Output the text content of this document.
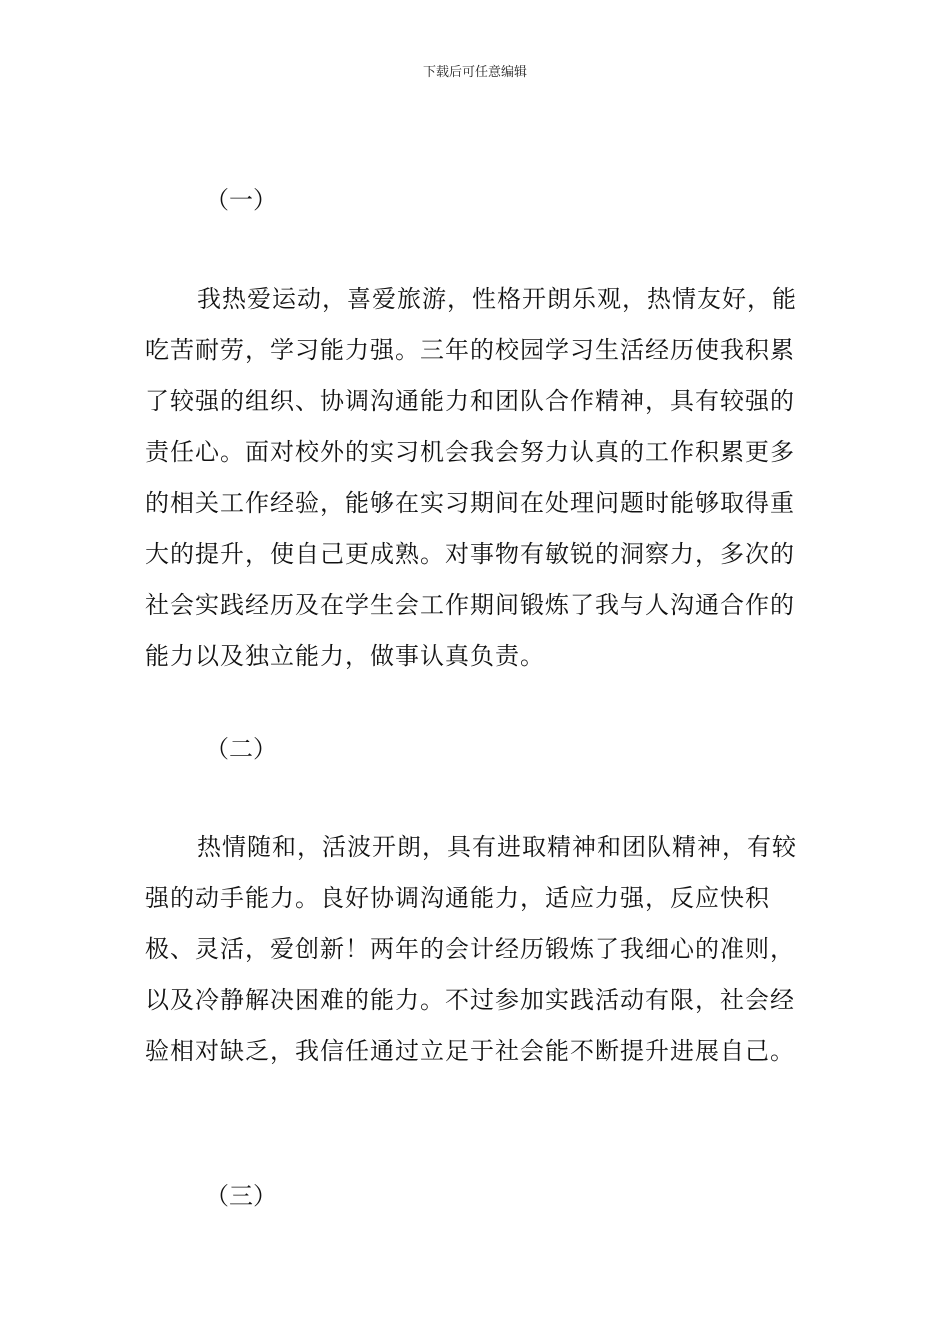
下载后可任意编辑
（一）

我热爱运动，喜爱旅游，性格开朗乐观，热情友好，能吃苦耐劳，学习能力强。三年的校园学习生活经历使我积累了较强的组织、协调沟通能力和团队合作精神，具有较强的责任心。面对校外的实习机会我会努力认真的工作积累更多的相关工作经验，能够在实习期间在处理问题时能够取得重大的提升，使自己更成熟。对事物有敏锐的洞察力，多次的社会实践经历及在学生会工作期间锻炼了我与人沟通合作的能力以及独立能力，做事认真负责。

（二）

热情随和，活波开朗，具有进取精神和团队精神，有较强的动手能力。良好协调沟通能力，适应力强，反应快积极、灵活，爱创新！两年的会计经历锻炼了我细心的准则，以及冷静解决困难的能力。不过参加实践活动有限，社会经验相对缺乏，我信任通过立足于社会能不断提升进展自己。

（三）
